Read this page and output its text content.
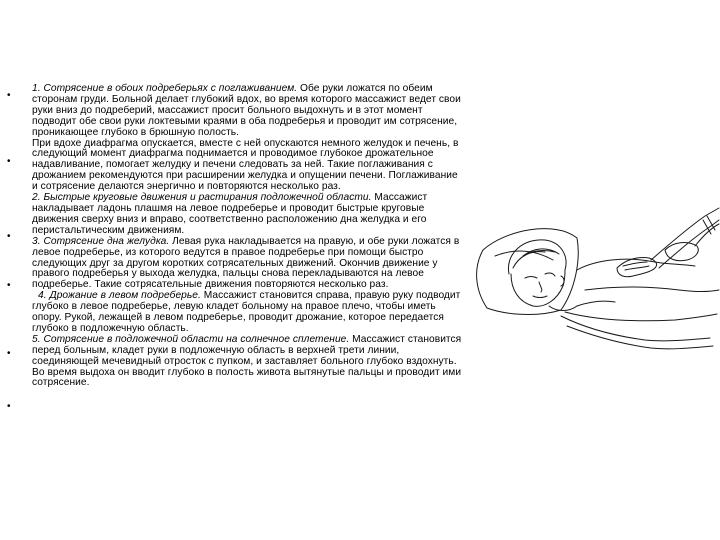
•
•
•
•
•
•

1. Сотрясение в обоих подреберьях с поглаживанием. Обе руки ложатся по обеим сторонам груди. Больной делает глубокий вдох, во время которого массажист ведет свои руки вниз до подреберий, массажист просит больного выдохнуть и в этот момент подводит обе свои руки локтевыми краями в оба подреберья и проводит им сотрясение, проникающее глубоко в брюшную полость.

При вдохе диафрагма опускается, вместе с ней опускаются немного желудок и печень, в следующий момент диафрагма поднимается и проводимое глубокое дрожательное надавливание, помогает желудку и печени следовать за ней. Такие поглаживания с дрожанием рекомендуются при расширении желудка и опущении печени. Поглаживание и сотрясение делаются энергично и повторяются несколько раз.

2. Быстрые круговые движения и растирания подложечной области. Массажист накладывает ладонь плашмя на левое подреберье и проводит быстрые круговые движения сверху вниз и вправо, соответственно расположению дна желудка и его перистальтическим движениям.

3. Сотрясение дна желудка. Левая рука накладывается на правую, и обе руки ложатся в левое подреберье, из которого ведутся в правое подреберье при помощи быстро следующих друг за другом коротких сотрясательных движений. Окончив движение у правого подреберья у выхода желудка, пальцы снова перекладываются на левое подреберье. Такие сотрясательные движения повторяются несколько раз.

4. Дрожание в левом подреберье. Массажист становится справа, правую руку подводит глубоко в левое подреберье, левую кладет больному на правое плечо, чтобы иметь опору. Рукой, лежащей в левом подреберье, проводит дрожание, которое передается глубоко в подложечную область.

5. Сотрясение в подложечной области на солнечное сплетение. Массажист становится перед больным, кладет руки в подложечную область в верхней трети линии, соединяющей мечевидный отросток с пупком, и заставляет больного глубоко вздохнуть. Во время выдоха он вводит глубоко в полость живота вытянутые пальцы и проводит ими сотрясение.
